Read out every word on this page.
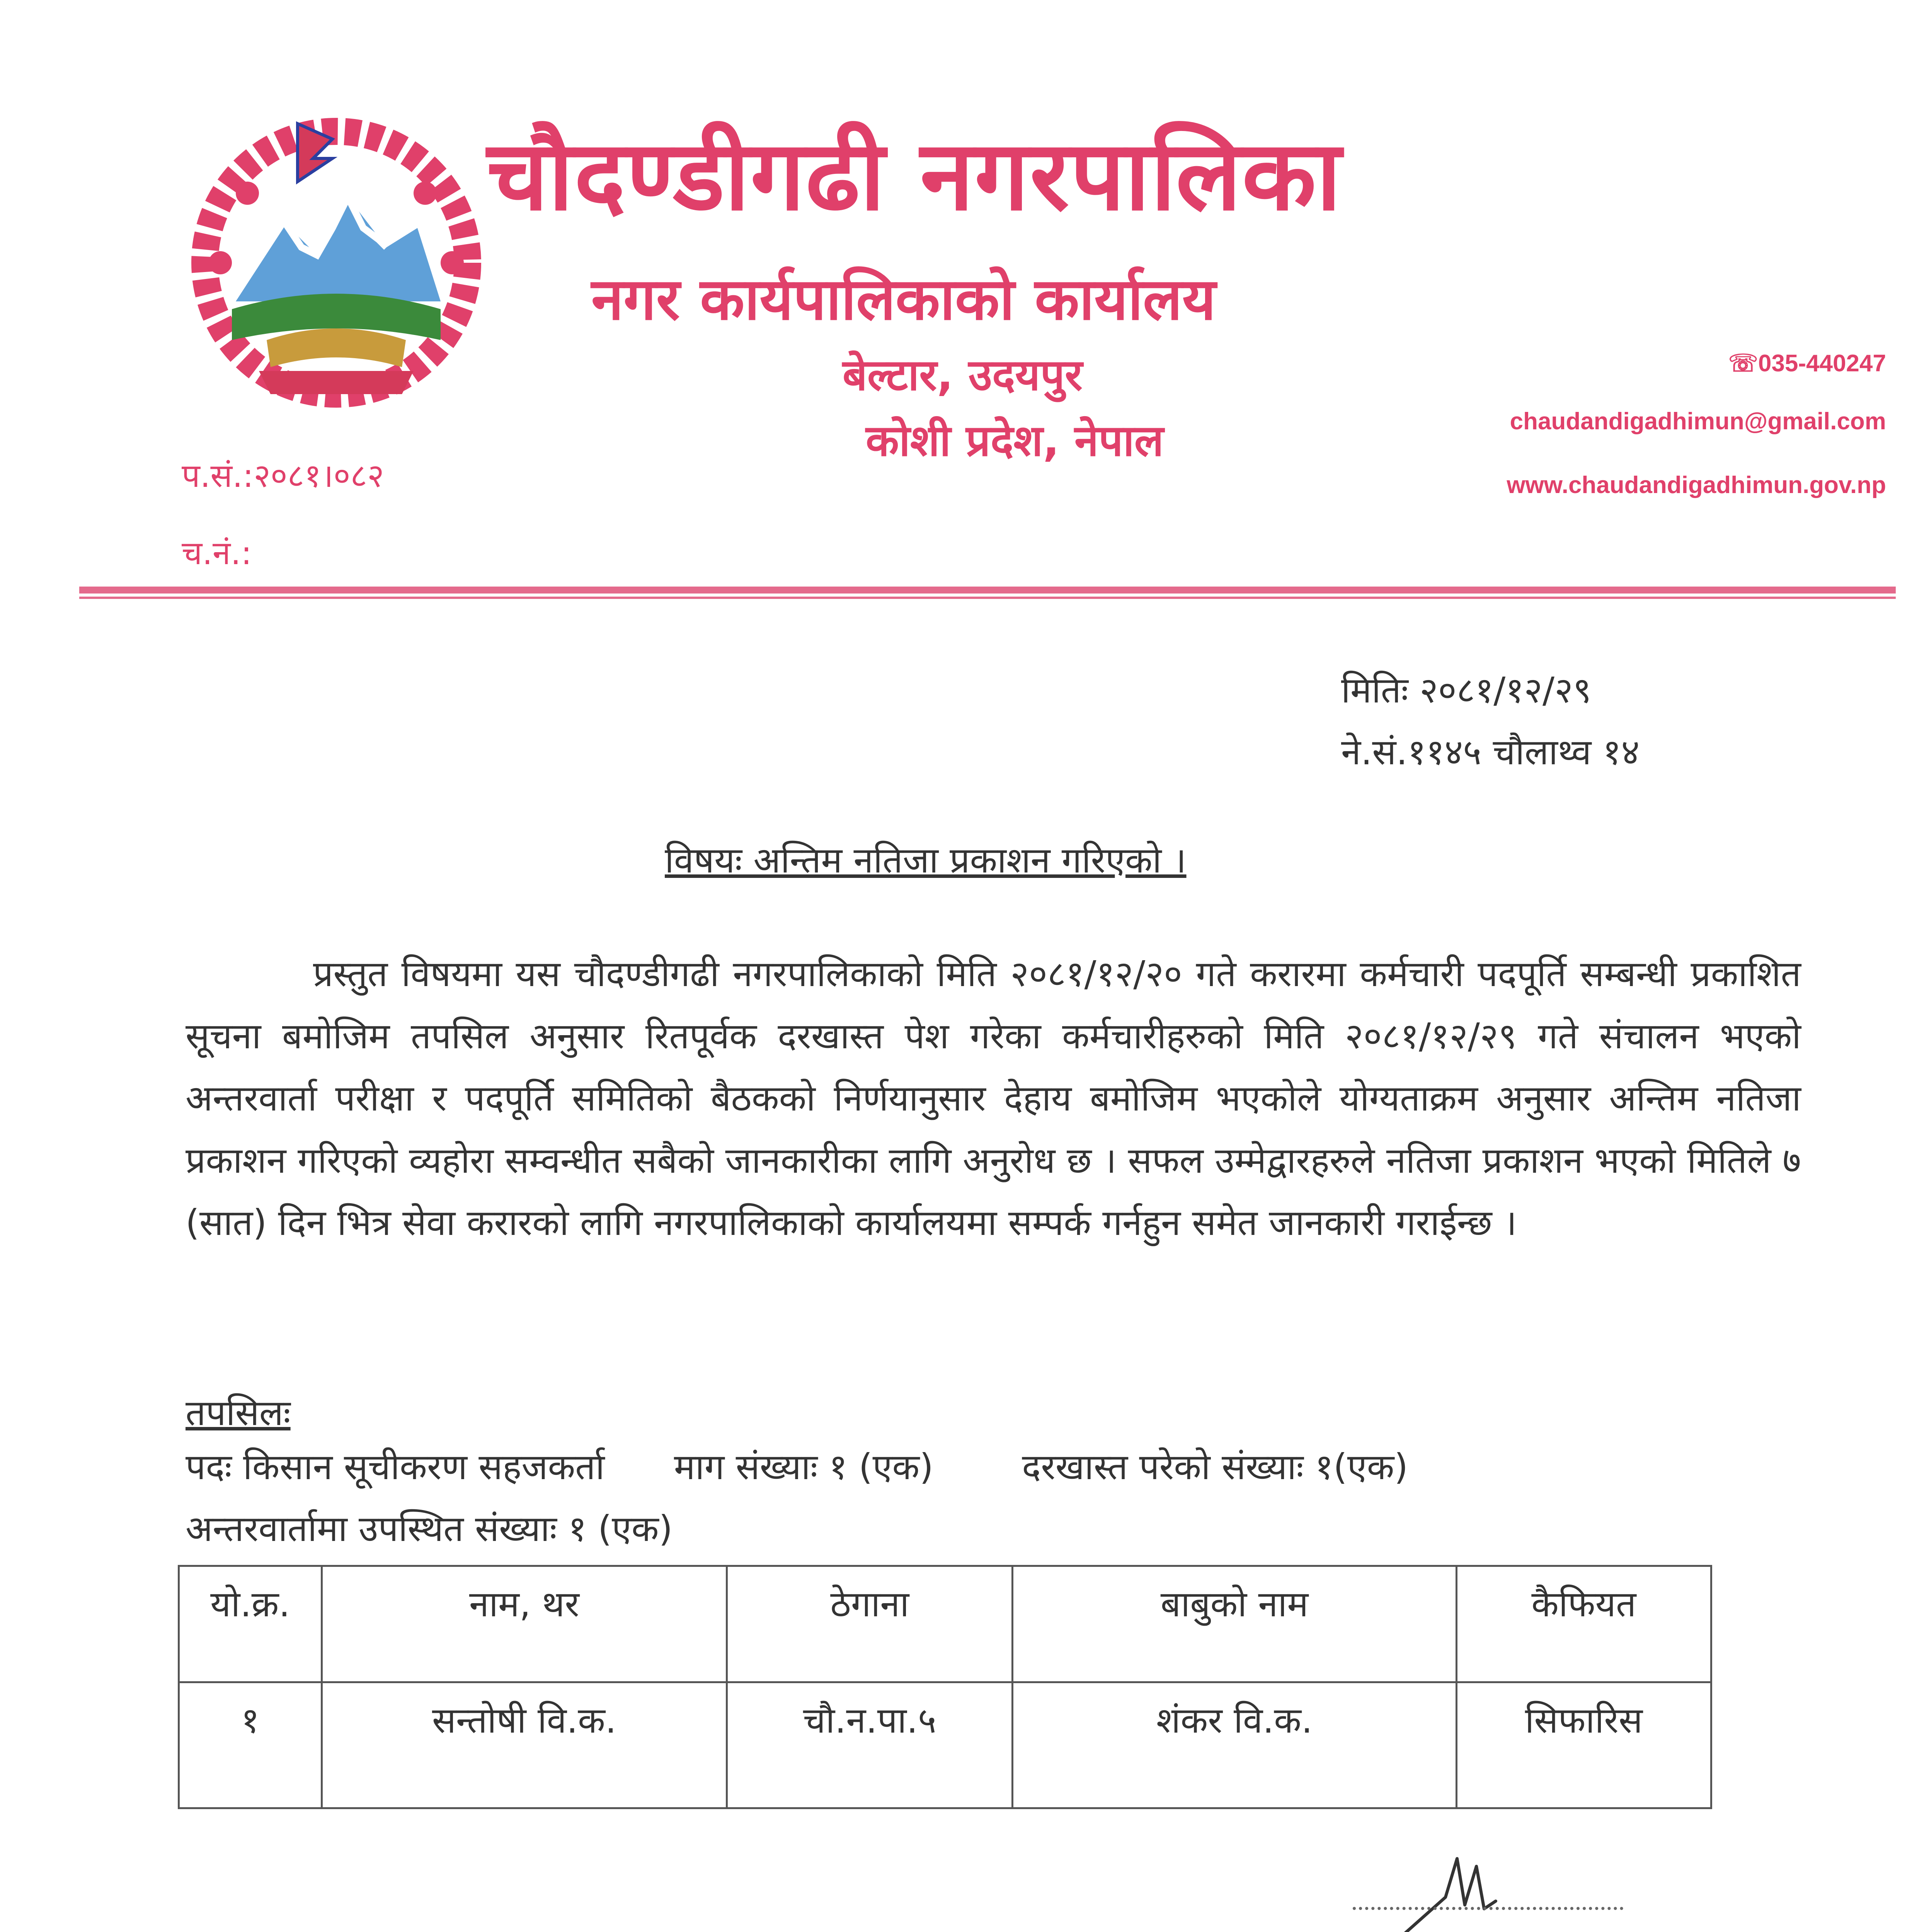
चौदण्डीगढी नगरपालिका
नगर कार्यपालिकाको कार्यालय
बेल्टार, उदयपुर
कोशी प्रदेश, नेपाल
☏035-440247
chaudandigadhimun@gmail.com
www.chaudandigadhimun.gov.np
प.सं.:२०८१।०८२
च.नं.:
मितिः २०८१/१२/२९
ने.सं.११४५ चौलाथ्व १४
विषयः अन्तिम नतिजा प्रकाशन गरिएको ।
प्रस्तुत विषयमा यस चौदण्डीगढी नगरपालिकाको मिति २०८१/१२/२० गते करारमा कर्मचारी पदपूर्ति सम्बन्धी प्रकाशित सूचना बमोजिम तपसिल अनुसार रितपूर्वक दरखास्त पेश गरेका कर्मचारीहरुको मिति २०८१/१२/२९ गते संचालन भएको अन्तरवार्ता परीक्षा र पदपूर्ति समितिको बैठकको निर्णयानुसार देहाय बमोजिम भएकोले योग्यताक्रम अनुसार अन्तिम नतिजा प्रकाशन गरिएको व्यहोरा सम्वन्धीत सबैको जानकारीका लागि अनुरोध छ । सफल उम्मेद्वारहरुले नतिजा प्रकाशन भएको मितिले ७ (सात) दिन भित्र सेवा करारको लागि नगरपालिकाको कार्यालयमा सम्पर्क गर्नहुन समेत जानकारी गराईन्छ ।
तपसिलः
पदः किसान सूचीकरण सहजकर्ता माग संख्याः १ (एक) दरखास्त परेको संख्याः १(एक)
अन्तरवार्तामा उपस्थित संख्याः १ (एक)
यो.क्र.	नाम, थर	ठेगाना	बाबुको नाम	कैफियत
१	सन्तोषी वि.क.	चौ.न.पा.५	शंकर वि.क.	सिफारिस
